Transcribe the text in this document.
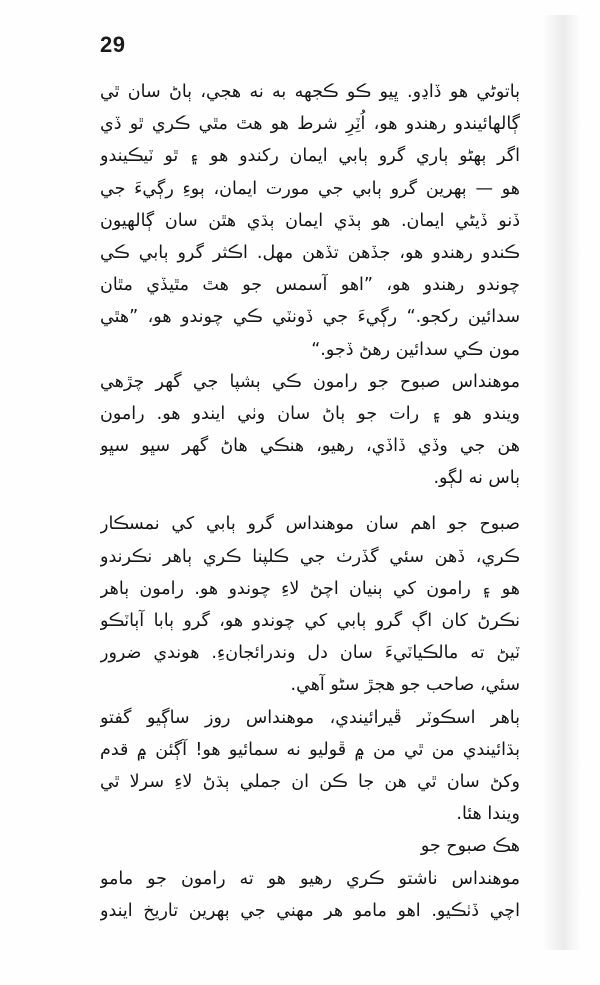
29
ٻاتوڻي هو ڏاڍو. ڀيو ڪو ڪجهه به نه هجي، ٻاڻ سان ٿي
ڳالهائيندو رهندو هو، اُٽِرِ شرط هو هٿ مٿي ڪري ٿو ڏي
اگر ٻهڻو ٻاري گرو ٻابي ايمان رکندو هو ۽ ٿو ٽيڪيندو
هو — ٻهرين گرو ٻابي جي مورت ايمان، ٻوءِ رڳيءَ جي
ڏنو ڏيڻي ايمان. هو ٻڌي ايمان ٻڌي هٿن سان ڳالهيون
ڪندو رهندو هو، جڏهن تڏهن مهل. اڪثر گرو ٻابي ڪي
چوندو رهندو هو، ”اهو آسمس جو هٿ مٿيڏي مٿان
سدائين رکجو.“ رڳيءَ جي ڏونٽي ڪي چوندو هو، ”هٿي
مون ڪي سدائين رهڻ ڏجو.“
موهنداس صبوح جو رامون ڪي ٻشپا جي گهر چڙهي
ويندو هو ۽ رات جو ٻاڻ سان وٺي ايندو هو. رامون
هن جي وڏي ڏاڏي، رهيو، هنڪي هاڻ گهر سڀو سڀو
ٻاس نه لڳو.
صبوح جو اهم سان موهنداس گرو ٻابي کي نمسڪار
ڪري، ڏهن سئي گڏرٺ جي ڪلپنا ڪري ٻاهر نڪرندو
هو ۽ رامون کي ٻنيان اچڻ لاءِ چوندو هو. رامون ٻاهر
نڪرڻ کان اڳ گرو ٻابي کي چوندو هو، گرو ٻابا آٻاٽڪو
ٽيڻ ته مالڪياٽيءَ سان دل وندرائجانءِ. هوندي ضرور
سئي، صاحب جو هجڙ سڻو آهي.
ٻاهر اسڪوٽر ڦيرائيندي، موهنداس روز ساڳيو گفتو
ٻڌائيندي من ٿي من ۾ ڦوليو نه سمائيو هو! آڳئن ۾ قدم
وکڻ سان ٿي هن جا ڪن ان جملي ٻڌڻ لاءِ سرلا ٿي
ويندا هئا.
هڪ صبوح جو
موهنداس ناشتو ڪري رهيو هو ته رامون جو مامو
اچي ڏٺڪيو. اهو مامو هر مهني جي ٻهرين تاريخ ايندو
